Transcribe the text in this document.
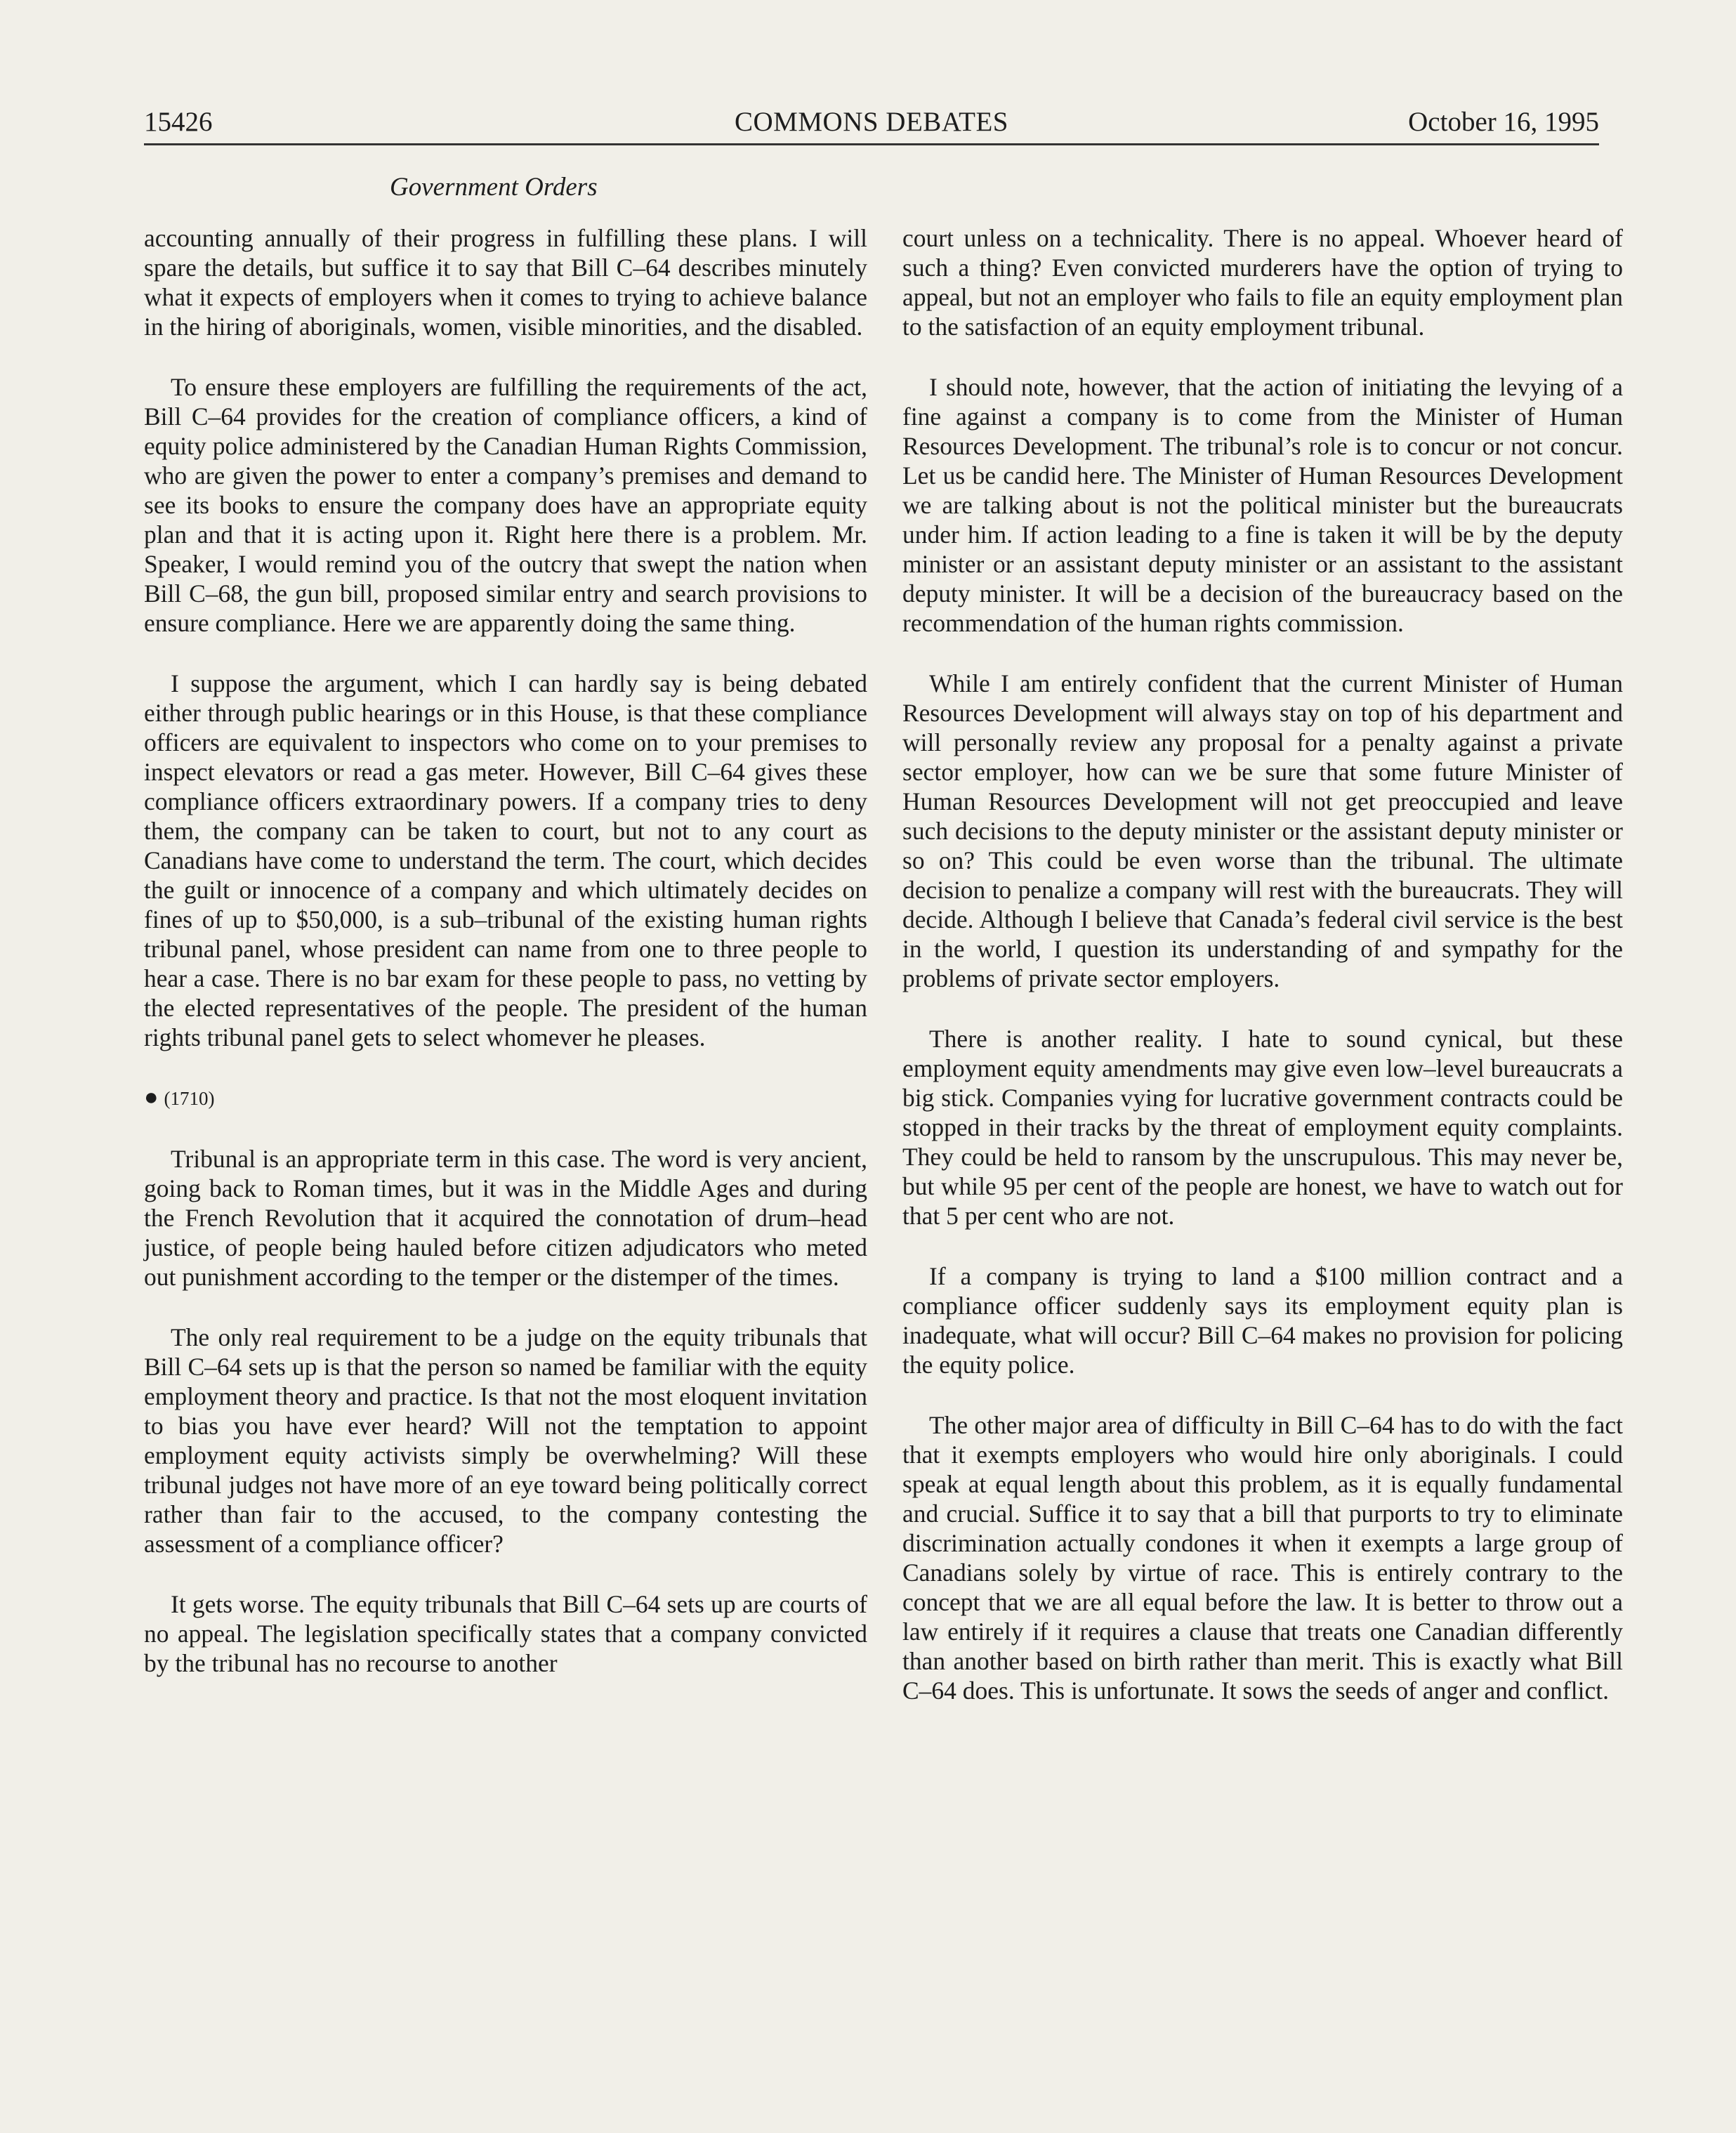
15426	COMMONS DEBATES	October 16, 1995
Government Orders

accounting annually of their progress in fulfilling these plans. I will spare the details, but suffice it to say that Bill C–64 describes minutely what it expects of employers when it comes to trying to achieve balance in the hiring of aboriginals, women, visible minorities, and the disabled.

To ensure these employers are fulfilling the requirements of the act, Bill C–64 provides for the creation of compliance officers, a kind of equity police administered by the Canadian Human Rights Commission, who are given the power to enter a company’s premises and demand to see its books to ensure the company does have an appropriate equity plan and that it is acting upon it. Right here there is a problem. Mr. Speaker, I would remind you of the outcry that swept the nation when Bill C–68, the gun bill, proposed similar entry and search provisions to ensure compliance. Here we are apparently doing the same thing.

I suppose the argument, which I can hardly say is being debated either through public hearings or in this House, is that these compliance officers are equivalent to inspectors who come on to your premises to inspect elevators or read a gas meter. However, Bill C–64 gives these compliance officers extraordinary powers. If a company tries to deny them, the company can be taken to court, but not to any court as Canadians have come to understand the term. The court, which decides the guilt or innocence of a company and which ultimately decides on fines of up to $50,000, is a sub–tribunal of the existing human rights tribunal panel, whose president can name from one to three people to hear a case. There is no bar exam for these people to pass, no vetting by the elected representatives of the people. The president of the human rights tribunal panel gets to select whomever he pleases.

● (1710)

Tribunal is an appropriate term in this case. The word is very ancient, going back to Roman times, but it was in the Middle Ages and during the French Revolution that it acquired the connotation of drum–head justice, of people being hauled before citizen adjudicators who meted out punishment according to the temper or the distemper of the times.

The only real requirement to be a judge on the equity tribunals that Bill C–64 sets up is that the person so named be familiar with the equity employment theory and practice. Is that not the most eloquent invitation to bias you have ever heard? Will not the temptation to appoint employment equity activists simply be overwhelming? Will these tribunal judges not have more of an eye toward being politically correct rather than fair to the accused, to the company contesting the assessment of a compliance officer?

It gets worse. The equity tribunals that Bill C–64 sets up are courts of no appeal. The legislation specifically states that a company convicted by the tribunal has no recourse to another

court unless on a technicality. There is no appeal. Whoever heard of such a thing? Even convicted murderers have the option of trying to appeal, but not an employer who fails to file an equity employment plan to the satisfaction of an equity employment tribunal.

I should note, however, that the action of initiating the levying of a fine against a company is to come from the Minister of Human Resources Development. The tribunal’s role is to concur or not concur. Let us be candid here. The Minister of Human Resources Development we are talking about is not the political minister but the bureaucrats under him. If action leading to a fine is taken it will be by the deputy minister or an assistant deputy minister or an assistant to the assistant deputy minister. It will be a decision of the bureaucracy based on the recommendation of the human rights commission.

While I am entirely confident that the current Minister of Human Resources Development will always stay on top of his department and will personally review any proposal for a penalty against a private sector employer, how can we be sure that some future Minister of Human Resources Development will not get preoccupied and leave such decisions to the deputy minister or the assistant deputy minister or so on? This could be even worse than the tribunal. The ultimate decision to penalize a company will rest with the bureaucrats. They will decide. Although I believe that Canada’s federal civil service is the best in the world, I question its understanding of and sympathy for the problems of private sector employers.

There is another reality. I hate to sound cynical, but these employment equity amendments may give even low–level bureaucrats a big stick. Companies vying for lucrative government contracts could be stopped in their tracks by the threat of employment equity complaints. They could be held to ransom by the unscrupulous. This may never be, but while 95 per cent of the people are honest, we have to watch out for that 5 per cent who are not.

If a company is trying to land a $100 million contract and a compliance officer suddenly says its employment equity plan is inadequate, what will occur? Bill C–64 makes no provision for policing the equity police.

The other major area of difficulty in Bill C–64 has to do with the fact that it exempts employers who would hire only aboriginals. I could speak at equal length about this problem, as it is equally fundamental and crucial. Suffice it to say that a bill that purports to try to eliminate discrimination actually condones it when it exempts a large group of Canadians solely by virtue of race. This is entirely contrary to the concept that we are all equal before the law. It is better to throw out a law entirely if it requires a clause that treats one Canadian differently than another based on birth rather than merit. This is exactly what Bill C–64 does. This is unfortunate. It sows the seeds of anger and conflict.
